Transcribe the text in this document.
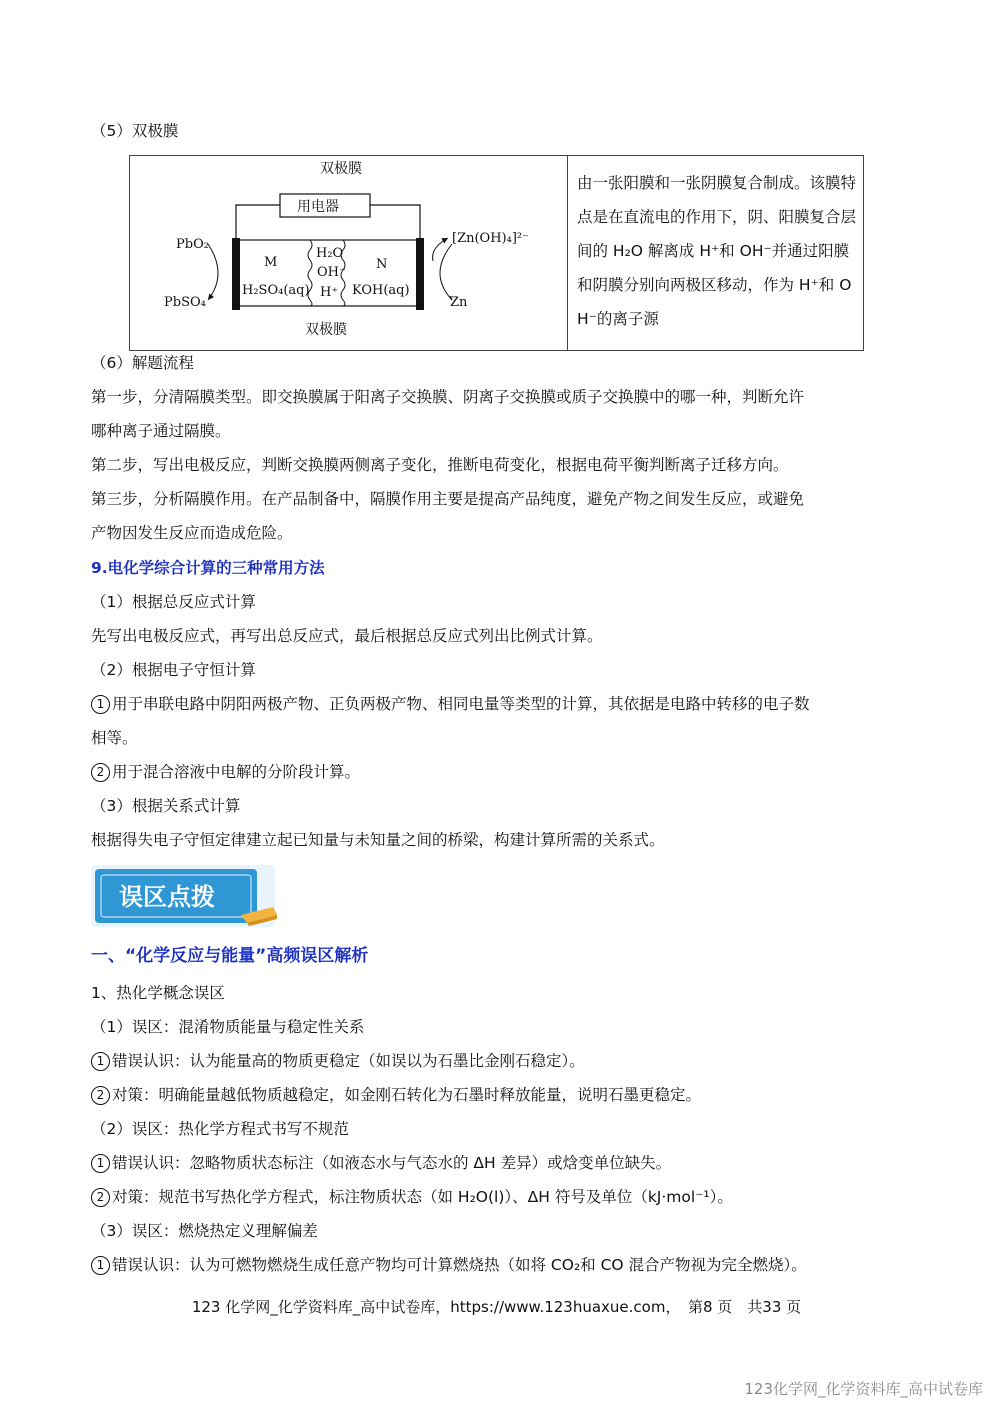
（5）双极膜
双极膜
用电器
PbO₂
PbSO₄
M
H₂SO₄(aq)
H₂O
OH⁻
H⁺
N
KOH(aq)
[Zn(OH)₄]²⁻
Zn
双极膜
由一张阳膜和一张阴膜复合制成。该膜特点是在直流电的作用下，阴、阳膜复合层间的 H₂O 解离成 H⁺和 OH⁻并通过阳膜和阴膜分别向两极区移动，作为 H⁺和 OH⁻的离子源
（6）解题流程
第一步，分清隔膜类型。即交换膜属于阳离子交换膜、阴离子交换膜或质子交换膜中的哪一种，判断允许
哪种离子通过隔膜。
第二步，写出电极反应，判断交换膜两侧离子变化，推断电荷变化，根据电荷平衡判断离子迁移方向。
第三步，分析隔膜作用。在产品制备中，隔膜作用主要是提高产品纯度，避免产物之间发生反应，或避免
产物因发生反应而造成危险。
9.电化学综合计算的三种常用方法
（1）根据总反应式计算
先写出电极反应式，再写出总反应式，最后根据总反应式列出比例式计算。
（2）根据电子守恒计算
1 用于串联电路中阴阳两极产物、正负两极产物、相同电量等类型的计算，其依据是电路中转移的电子数
相等。
2 用于混合溶液中电解的分阶段计算。
（3）根据关系式计算
根据得失电子守恒定律建立起已知量与未知量之间的桥梁，构建计算所需的关系式。
误区点拨
一、“化学反应与能量”高频误区解析
1、热化学概念误区
（1）误区：混淆物质能量与稳定性关系
1 错误认识：认为能量高的物质更稳定（如误以为石墨比金刚石稳定）。
2 对策：明确能量越低物质越稳定，如金刚石转化为石墨时释放能量，说明石墨更稳定。
（2）误区：热化学方程式书写不规范
1 错误认识：忽略物质状态标注（如液态水与气态水的 ΔH 差异）或焓变单位缺失。
2 对策：规范书写热化学方程式，标注物质状态（如 H₂O(l)）、ΔH 符号及单位（kJ·mol⁻¹）。
（3）误区：燃烧热定义理解偏差
1 错误认识：认为可燃物燃烧生成任意产物均可计算燃烧热（如将 CO₂和 CO 混合产物视为完全燃烧）。
123 化学网_化学资料库_高中试卷库，https://www.123huaxue.com，　第8 页　共33 页
123化学网_化学资料库_高中试卷库
